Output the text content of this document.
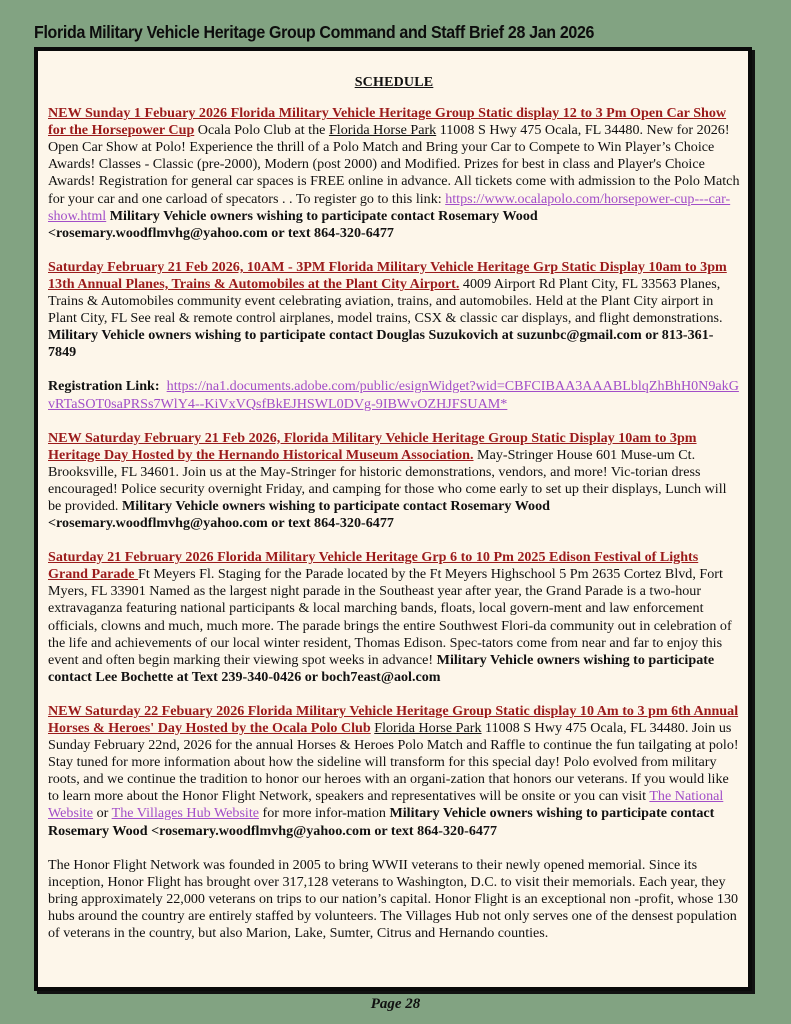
Florida Military Vehicle Heritage Group Command and Staff Brief 28 Jan 2026
SCHEDULE

NEW Sunday 1 Febuary 2026 Florida Military Vehicle Heritage Group Static display 12 to 3 Pm Open Car Show for the Horsepower Cup Ocala Polo Club at the Florida Horse Park 11008 S Hwy 475 Ocala, FL 34480. New for 2026! Open Car Show at Polo! Experience the thrill of a Polo Match and Bring your Car to Compete to Win Player’s Choice Awards! Classes - Classic (pre-2000), Modern (post 2000) and Modified. Prizes for best in class and Player's Choice Awards! Registration for general car spaces is FREE online in advance. All tickets come with admission to the Polo Match for your car and one carload of specators . . To register go to this link: https://www.ocalapolo.com/horsepower-cup---car-show.html Military Vehicle owners wishing to participate contact Rosemary Wood <rosemary.woodflmvhg@yahoo.com or text 864-320-6477

Saturday February 21 Feb 2026, 10AM - 3PM Florida Military Vehicle Heritage Grp Static Display 10am to 3pm 13th Annual Planes, Trains & Automobiles at the Plant City Airport. 4009 Airport Rd Plant City, FL 33563 Planes, Trains & Automobiles community event celebrating aviation, trains, and automobiles. Held at the Plant City airport in Plant City, FL See real & remote control airplanes, model trains, CSX & classic car displays, and flight demonstrations. Military Vehicle owners wishing to participate contact Douglas Suzukovich at suzunbc@gmail.com or 813-361-7849

Registration Link: https://na1.documents.adobe.com/public/esignWidget?wid=CBFCIBAA3AAABLblqZhBhH0N9akGvRTaSOT0saPRSs7WlY4--KiVxVQsfBkEJHSWL0DVg-9IBWvOZHJFSUAM*

NEW Saturday February 21 Feb 2026, Florida Military Vehicle Heritage Group Static Display 10am to 3pm Heritage Day Hosted by the Hernando Historical Museum Association. May-Stringer House 601 Muse-um Ct. Brooksville, FL 34601. Join us at the May-Stringer for historic demonstrations, vendors, and more! Vic-torian dress encouraged! Police security overnight Friday, and camping for those who come early to set up their displays, Lunch will be provided. Military Vehicle owners wishing to participate contact Rosemary Wood <rosemary.woodflmvhg@yahoo.com or text 864-320-6477

Saturday 21 February 2026 Florida Military Vehicle Heritage Grp 6 to 10 Pm 2025 Edison Festival of Lights Grand Parade Ft Meyers Fl. Staging for the Parade located by the Ft Meyers Highschool 5 Pm 2635 Cortez Blvd, Fort Myers, FL 33901 Named as the largest night parade in the Southeast year after year, the Grand Parade is a two-hour extravaganza featuring national participants & local marching bands, floats, local govern-ment and law enforcement officials, clowns and much, much more. The parade brings the entire Southwest Flori-da community out in celebration of the life and achievements of our local winter resident, Thomas Edison. Spec-tators come from near and far to enjoy this event and often begin marking their viewing spot weeks in advance! Military Vehicle owners wishing to participate contact Lee Bochette at Text 239-340-0426 or boch7east@aol.com

NEW Saturday 22 Febuary 2026 Florida Military Vehicle Heritage Group Static display 10 Am to 3 pm 6th Annual Horses & Heroes' Day Hosted by the Ocala Polo Club Florida Horse Park 11008 S Hwy 475 Ocala, FL 34480. Join us Sunday February 22nd, 2026 for the annual Horses & Heroes Polo Match and Raffle to continue the fun tailgating at polo! Stay tuned for more information about how the sideline will transform for this special day! Polo evolved from military roots, and we continue the tradition to honor our heroes with an organi-zation that honors our veterans. If you would like to learn more about the Honor Flight Network, speakers and representatives will be onsite or you can visit The National Website or The Villages Hub Website for more infor-mation Military Vehicle owners wishing to participate contact Rosemary Wood <rosemary.woodflmvhg@yahoo.com or text 864-320-6477

The Honor Flight Network was founded in 2005 to bring WWII veterans to their newly opened memorial. Since its inception, Honor Flight has brought over 317,128 veterans to Washington, D.C. to visit their memorials. Each year, they bring approximately 22,000 veterans on trips to our nation’s capital. Honor Flight is an exceptional non -profit, whose 130 hubs around the country are entirely staffed by volunteers. The Villages Hub not only serves one of the densest population of veterans in the country, but also Marion, Lake, Sumter, Citrus and Hernando counties.

Page 28
